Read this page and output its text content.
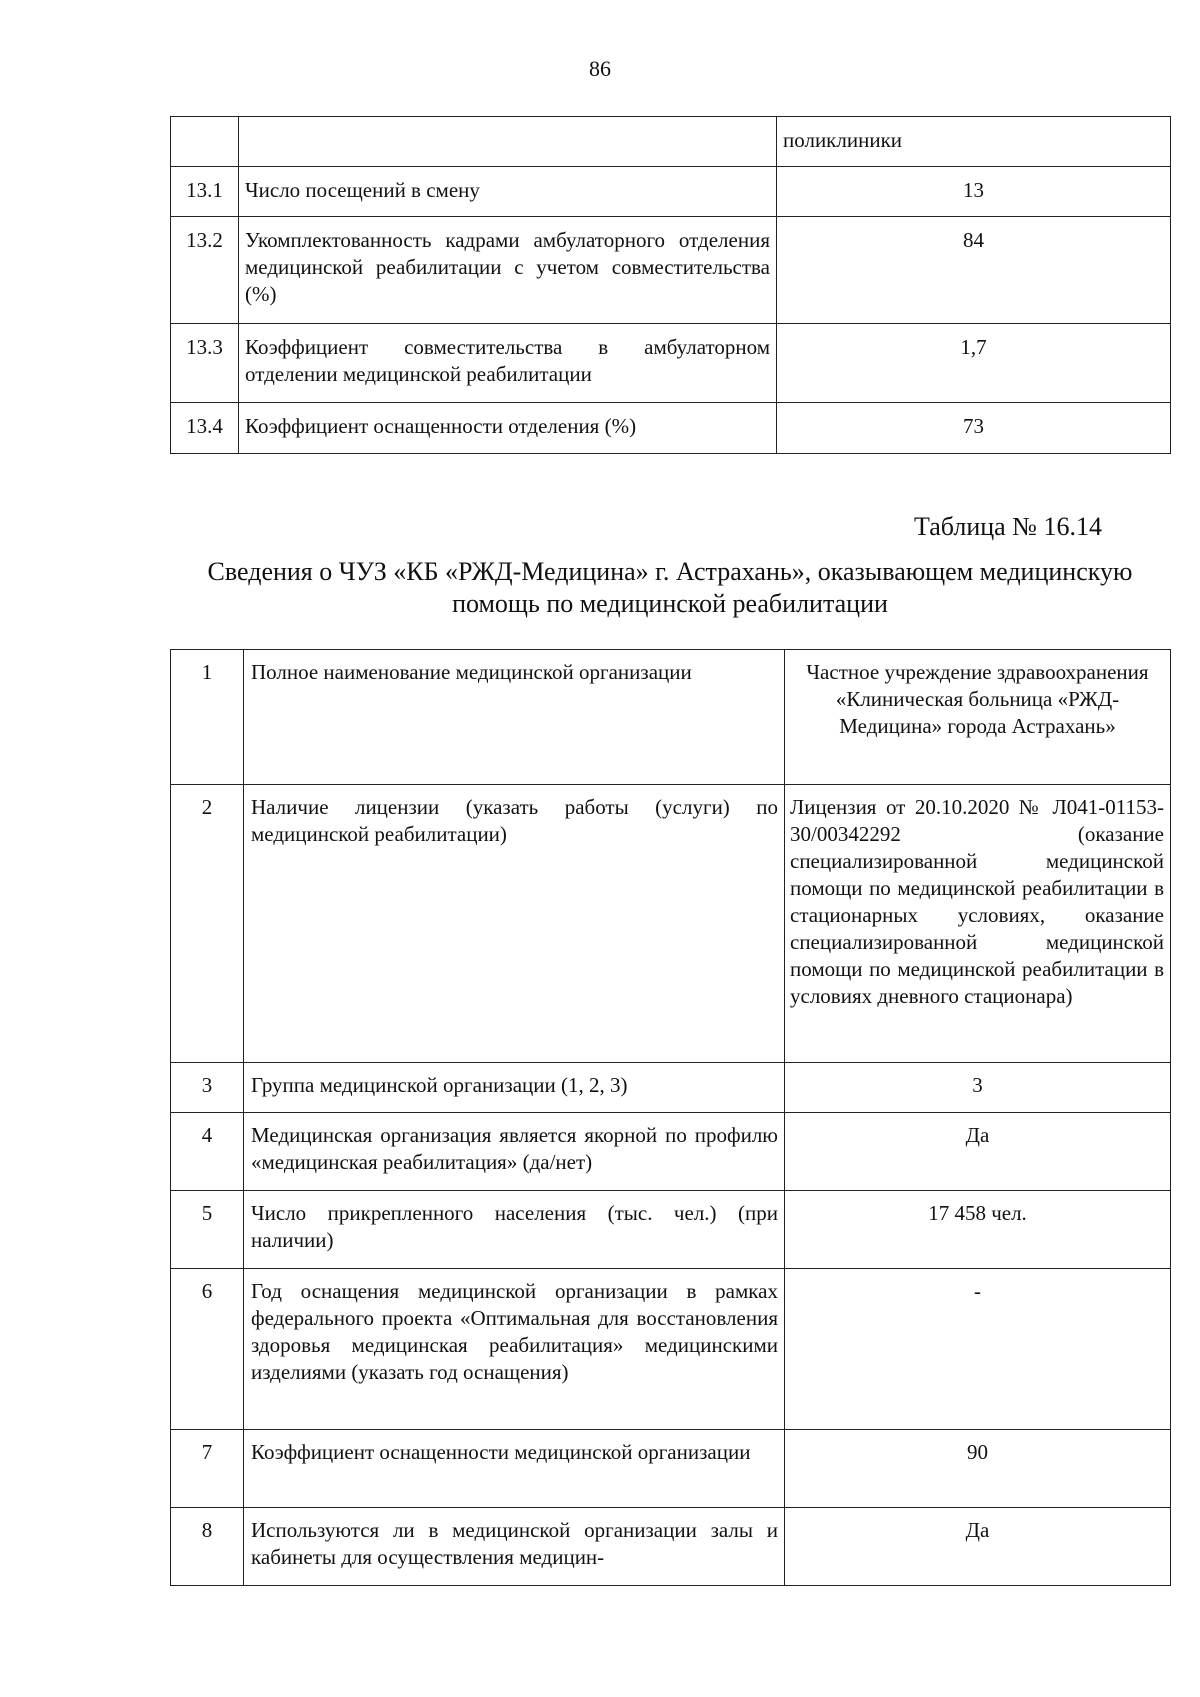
86
		поликлиники
13.1	Число посещений в смену	13
13.2	Укомплектованность кадрами амбулаторного отделения медицинской реабилитации с учетом совместительства (%)	84
13.3	Коэффициент совместительства в амбулаторном отделении медицинской реабилитации	1,7
13.4	Коэффициент оснащенности отделения (%)	73
Таблица № 16.14
Сведения о ЧУЗ «КБ «РЖД-Медицина» г. Астрахань», оказывающем медицинскую помощь по медицинской реабилитации
1	Полное наименование медицинской организации	Частное учреждение здравоохранения «Клиническая больница «РЖД-Медицина» города Астрахань»
2	Наличие лицензии (указать работы (услуги) по медицинской реабилитации)	Лицензия от 20.10.2020 № Л041-01153-30/00342292 (оказание специализированной медицинской помощи по медицинской реабилитации в стационарных условиях, оказание специализированной медицинской помощи по медицинской реабилитации в условиях дневного стационара)
3	Группа медицинской организации (1, 2, 3)	3
4	Медицинская организация является якорной по профилю «медицинская реабилитация» (да/нет)	Да
5	Число прикрепленного населения (тыс. чел.) (при наличии)	17 458 чел.
6	Год оснащения медицинской организации в рамках федерального проекта «Оптимальная для восстановления здоровья медицинская реабилитация» медицинскими изделиями (указать год оснащения)	-
7	Коэффициент оснащенности медицинской организации	90
8	Используются ли в медицинской организации залы и кабинеты для осуществления медицин-	Да
